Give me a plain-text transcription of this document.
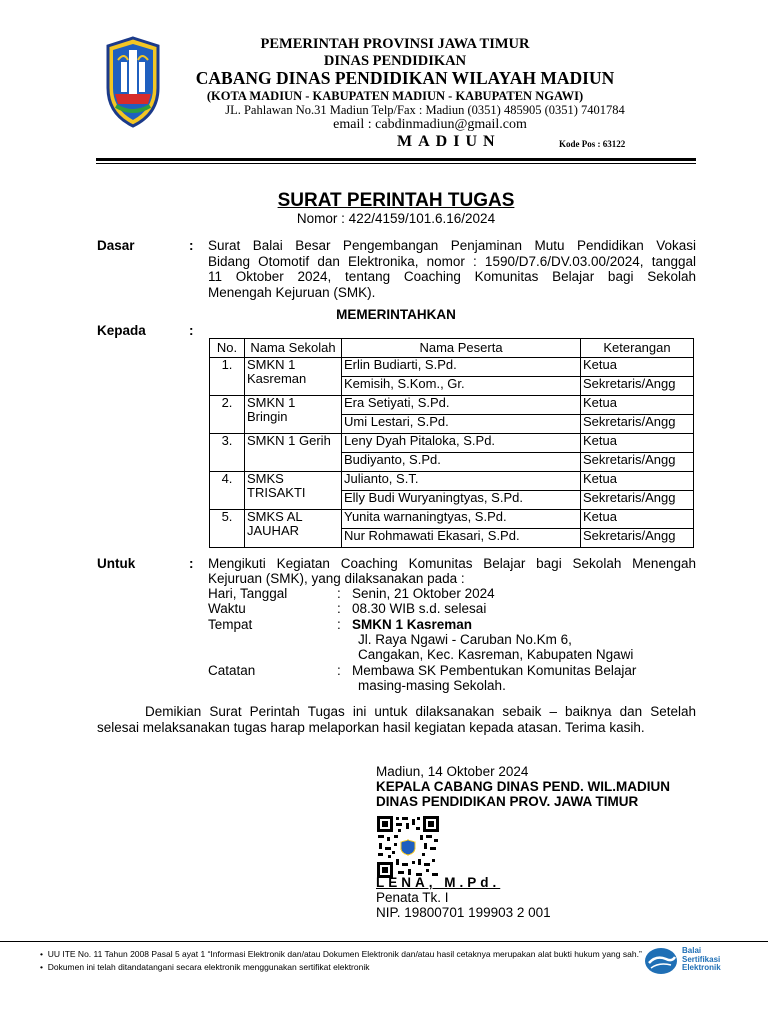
PEMERINTAH PROVINSI JAWA TIMUR
DINAS PENDIDIKAN
CABANG DINAS PENDIDIKAN WILAYAH MADIUN
(KOTA MADIUN - KABUPATEN MADIUN - KABUPATEN NGAWI)
JL. Pahlawan No.31 Madiun Telp/Fax : Madiun (0351) 485905 (0351) 7401784
email : cabdinmadiun@gmail.com
MADIUN	Kode Pos : 63122
SURAT PERINTAH TUGAS
Nomor : 422/4159/101.6.16/2024
Dasar	: Surat Balai Besar Pengembangan Penjaminan Mutu Pendidikan Vokasi
Bidang Otomotif dan Elektronika, nomor : 1590/D7.6/DV.03.00/2024, tanggal
11 Oktober 2024, tentang Coaching Komunitas Belajar bagi Sekolah
Menengah Kejuruan (SMK).
MEMERINTAHKAN
Kepada	:
No.	Nama Sekolah	Nama Peserta	Keterangan
1.	SMKN 1 Kasreman	Erlin Budiarti, S.Pd.	Ketua
		Kemisih, S.Kom., Gr.	Sekretaris/Angg
2.	SMKN 1 Bringin	Era Setiyati, S.Pd.	Ketua
		Umi Lestari, S.Pd.	Sekretaris/Angg
3.	SMKN 1 Gerih	Leny Dyah Pitaloka, S.Pd.	Ketua
		Budiyanto, S.Pd.	Sekretaris/Angg
4.	SMKS TRISAKTI	Julianto, S.T.	Ketua
		Elly Budi Wuryaningtyas, S.Pd.	Sekretaris/Angg
5.	SMKS AL JAUHAR	Yunita warnaningtyas, S.Pd.	Ketua
		Nur Rohmawati Ekasari, S.Pd.	Sekretaris/Angg
Untuk	: Mengikuti Kegiatan Coaching Komunitas Belajar bagi Sekolah Menengah
Kejuruan (SMK), yang dilaksanakan pada :
Hari, Tanggal	: Senin, 21 Oktober 2024
Waktu	: 08.30 WIB s.d. selesai
Tempat	: SMKN 1 Kasreman
Jl. Raya Ngawi - Caruban No.Km 6,
Cangakan, Kec. Kasreman, Kabupaten Ngawi
Catatan	: Membawa SK Pembentukan Komunitas Belajar
masing-masing Sekolah.
Demikian Surat Perintah Tugas ini untuk dilaksanakan sebaik – baiknya dan Setelah
selesai melaksanakan tugas harap melaporkan hasil kegiatan kepada atasan. Terima kasih.
Madiun, 14 Oktober 2024
KEPALA CABANG DINAS PEND. WIL.MADIUN
DINAS PENDIDIKAN PROV. JAWA TIMUR
LENA, M.Pd.
Penata Tk. I
NIP. 19800701 199903 2 001
•  UU ITE No. 11 Tahun 2008 Pasal 5 ayat 1 “Informasi Elektronik dan/atau Dokumen Elektronik dan/atau hasil cetaknya merupakan alat bukti hukum yang sah.”
•  Dokumen ini telah ditandatangani secara elektronik menggunakan sertifikat elektronik
Balai
Sertifikasi
Elektronik
